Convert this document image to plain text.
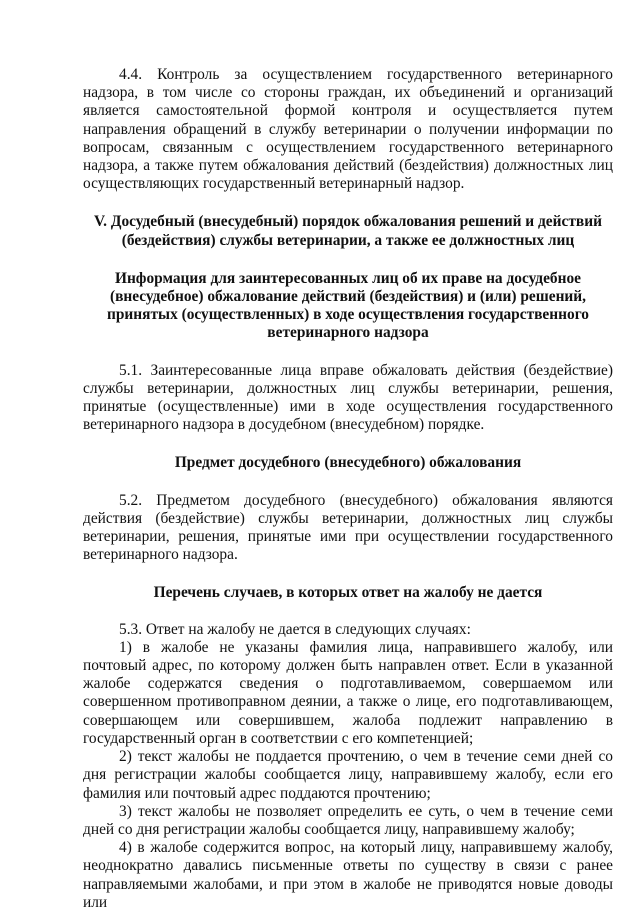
4.4. Контроль за осуществлением государственного ветеринарного надзора, в том числе со стороны граждан, их объединений и организаций является самостоятельной формой контроля и осуществляется путем направления обращений в службу ветеринарии о получении информации по вопросам, связанным с осуществлением государственного ветеринарного надзора, а также путем обжалования действий (бездействия) должностных лиц осуществляющих государственный ветеринарный надзор.

V. Досудебный (внесудебный) порядок обжалования решений и действий (бездействия) службы ветеринарии, а также ее должностных лиц
Информация для заинтересованных лиц об их праве на досудебное (внесудебное) обжалование действий (бездействия) и (или) решений, принятых (осуществленных) в ходе осуществления государственного ветеринарного надзора

5.1. Заинтересованные лица вправе обжаловать действия (бездействие) службы ветеринарии, должностных лиц службы ветеринарии, решения, принятые (осуществленные) ими в ходе осуществления государственного ветеринарного надзора в досудебном (внесудебном) порядке.

Предмет досудебного (внесудебного) обжалования

5.2. Предметом досудебного (внесудебного) обжалования являются действия (бездействие) службы ветеринарии, должностных лиц службы ветеринарии, решения, принятые ими при осуществлении государственного ветеринарного надзора.

Перечень случаев, в которых ответ на жалобу не дается

5.3. Ответ на жалобу не дается в следующих случаях:

1) в жалобе не указаны фамилия лица, направившего жалобу, или почтовый адрес, по которому должен быть направлен ответ. Если в указанной жалобе содержатся сведения о подготавливаемом, совершаемом или совершенном противоправном деянии, а также о лице, его подготавливающем, совершающем или совершившем, жалоба подлежит направлению в государственный орган в соответствии с его компетенцией;

2) текст жалобы не поддается прочтению, о чем в течение семи дней со дня регистрации жалобы сообщается лицу, направившему жалобу, если его фамилия или почтовый адрес поддаются прочтению;

3) текст жалобы не позволяет определить ее суть, о чем в течение семи дней со дня регистрации жалобы сообщается лицу, направившему жалобу;

4) в жалобе содержится вопрос, на который лицу, направившему жалобу, неоднократно давались письменные ответы по существу в связи с ранее направляемыми жалобами, и при этом в жалобе не приводятся новые доводы или
